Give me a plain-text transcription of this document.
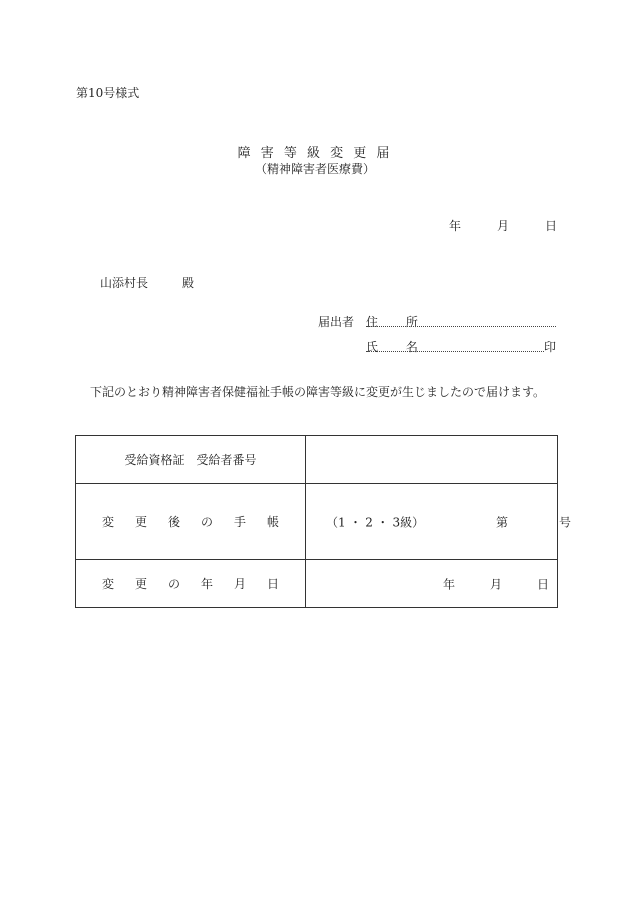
第10号様式
障 害 等 級 変 更 届
（精神障害者医療費）
年	月	日
山添村長	殿
届出者 住 所
氏 名	印
下記のとおり精神障害者保健福祉手帳の障害等級に変更が生じましたので届けます。
受給資格証　受給者番号	
変更後の手帳	（1 ・ 2 ・ 3級） 第 号

変更の年月日	年 月 日
